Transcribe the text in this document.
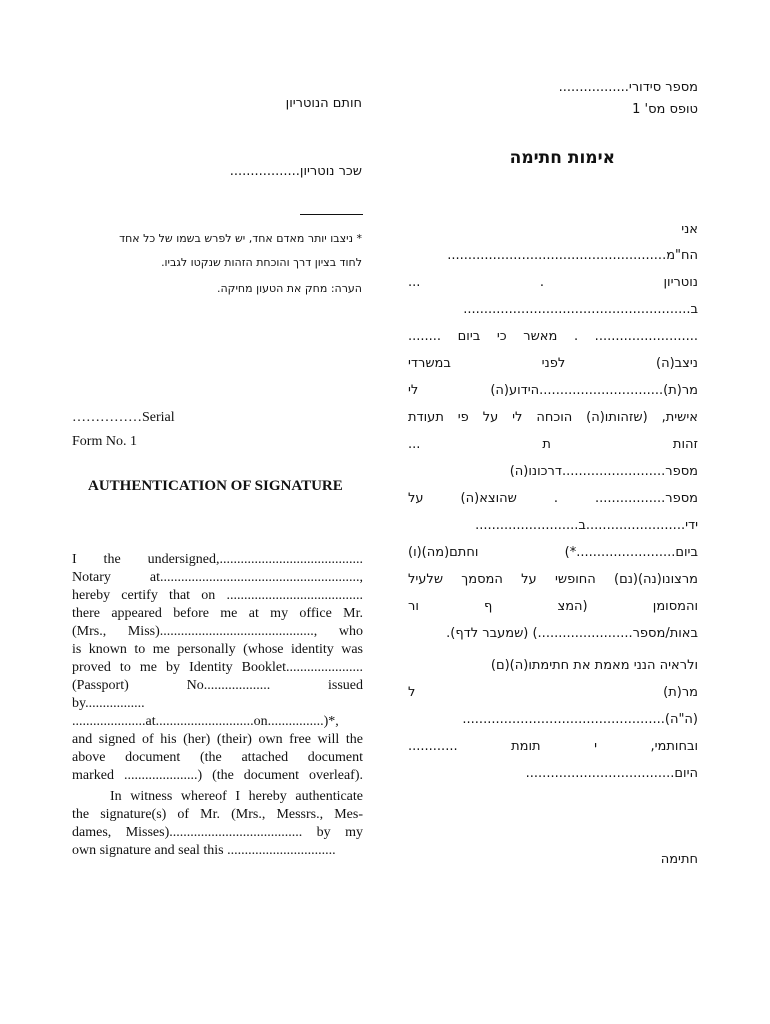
מספר סידורי.................
טופס מס' 1
אימות חתימה
חותם הנוטריון
שכר נוטריון.................
* ניצבו יותר מאדם אחד, יש לפרש בשמו של כל אחד
לחוד בציון דרך והוכחת הזהות שנקטו לגביו.
הערה: מחק את הטעון מחיקה.
אני
הח"מ.....................................................
נוטריון . ...
ב.......................................................
......................... . מאשר כי ביום ........
ניצב(ה) לפני במשרדי
מר(ת)..............................הידוע(ה) לי
אישית, (שזהותו(ה) הוכחה לי על פי תעודת
זהות ת ...
מספר.........................דרכונו(ה)
מספר................. . שהוצא(ה) על
ידי........................ב.........................
ביום........................*) וחתם(מה)(ו)
מרצונו(נה)(נם) החופשי על המסמך שלעיל
והמסומן (המצ ף ור
באות/מספר.......................) (שמעבר לדף).
ולראיה הנני מאמת את חתימתו(ה)(ם)
מר(ת) ל
(ה"ה).................................................
ובחותמי, י תומת ............
היום....................................
חתימה
……………Serial
Form No. 1
AUTHENTICATION OF SIGNATURE
I the undersigned,.........................................
Notary at.........................................................,
hereby certify that on .......................................
there appeared before me at my office Mr.
(Mrs., Miss)............................................, who
is known to me personally (whose identity was
proved to me by Identity Booklet......................
(Passport) No................... issued
by.................
.....................at............................on................)*,
and signed of his (her) (their) own free will the
above document (the attached document
marked .....................) (the document overleaf).
In witness whereof I hereby authenticate
the signature(s) of Mr. (Mrs., Messrs., Mes-
dames, Misses)...................................... by my
own signature and seal this ...............................
